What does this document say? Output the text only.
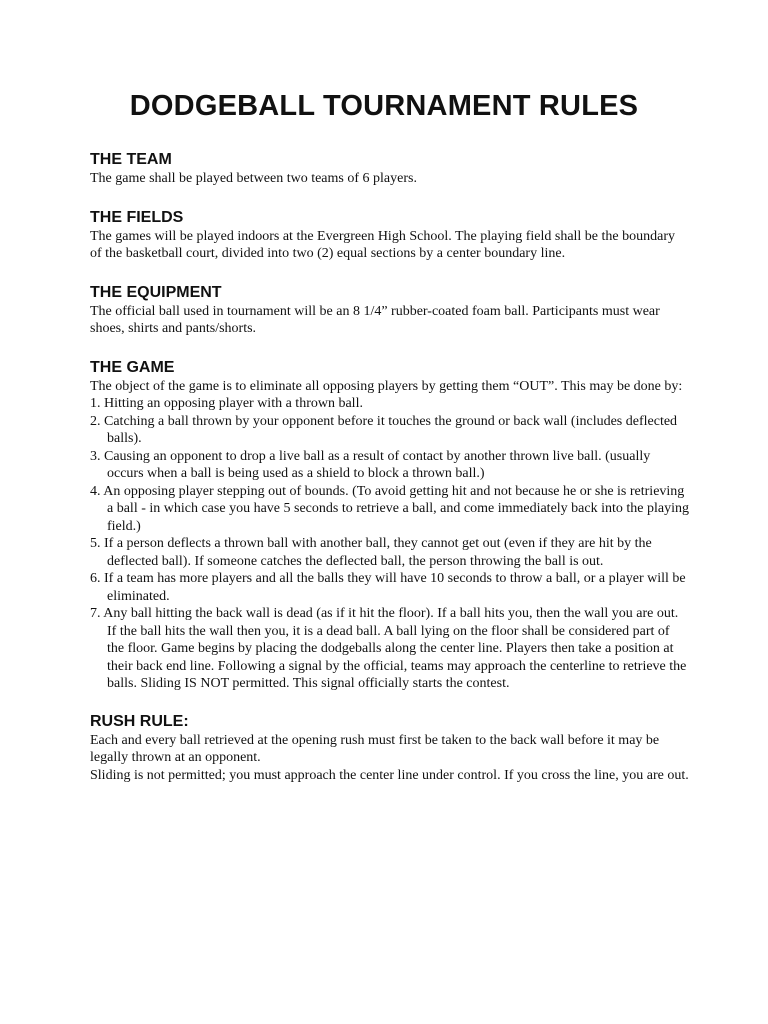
DODGEBALL TOURNAMENT RULES
THE TEAM

The game shall be played between two teams of 6 players.

THE FIELDS

The games will be played indoors at the Evergreen High School. The playing field shall be the boundary of the basketball court, divided into two (2) equal sections by a center boundary line.

THE EQUIPMENT

The official ball used in tournament will be an 8 1/4” rubber-coated foam ball. Participants must wear shoes, shirts and pants/shorts.

THE GAME

The object of the game is to eliminate all opposing players by getting them “OUT”. This may be done by:

1. Hitting an opposing player with a thrown ball.
2. Catching a ball thrown by your opponent before it touches the ground or back wall (includes deflected balls).
3. Causing an opponent to drop a live ball as a result of contact by another thrown live ball. (usually occurs when a ball is being used as a shield to block a thrown ball.)
4. An opposing player stepping out of bounds. (To avoid getting hit and not because he or she is retrieving a ball - in which case you have 5 seconds to retrieve a ball, and come immediately back into the playing field.)
5. If a person deflects a thrown ball with another ball, they cannot get out (even if they are hit by the deflected ball). If someone catches the deflected ball, the person throwing the ball is out.
6. If a team has more players and all the balls they will have 10 seconds to throw a ball, or a player will be eliminated.
7. Any ball hitting the back wall is dead (as if it hit the floor). If a ball hits you, then the wall you are out. If the ball hits the wall then you, it is a dead ball. A ball lying on the floor shall be considered part of the floor. Game begins by placing the dodgeballs along the center line. Players then take a position at their back end line. Following a signal by the official, teams may approach the centerline to retrieve the balls. Sliding IS NOT permitted. This signal officially starts the contest.
RUSH RULE:

Each and every ball retrieved at the opening rush must first be taken to the back wall before it may be legally thrown at an opponent.

Sliding is not permitted; you must approach the center line under control. If you cross the line, you are out.
